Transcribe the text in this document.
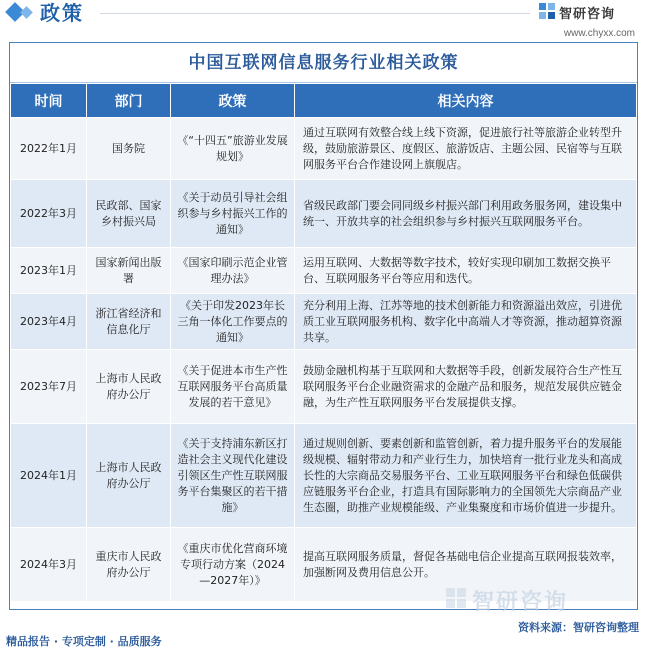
政策	智研咨询
www.chyxx.com
中国互联网信息服务行业相关政策
时间	部门	政策	相关内容
2022年1月	国务院	《“十四五”旅游业发展规划》	通过互联网有效整合线上线下资源，促进旅行社等旅游企业转型升级，鼓励旅游景区、度假区、旅游饭店、主题公园、民宿等与互联网服务平台合作建设网上旗舰店。
2022年3月	民政部、国家乡村振兴局	《关于动员引导社会组织参与乡村振兴工作的通知》	省级民政部门要会同同级乡村振兴部门利用政务服务网，建设集中统一、开放共享的社会组织参与乡村振兴互联网服务平台。
2023年1月	国家新闻出版署	《国家印刷示范企业管理办法》	运用互联网、大数据等数字技术，较好实现印刷加工数据交换平台、互联网服务平台等应用和迭代。
2023年4月	浙江省经济和信息化厅	《关于印发2023年长三角一体化工作要点的通知》	充分利用上海、江苏等地的技术创新能力和资源溢出效应，引进优质工业互联网服务机构、数字化中高端人才等资源，推动超算资源共享。
2023年7月	上海市人民政府办公厅	《关于促进本市生产性互联网服务平台高质量发展的若干意见》	鼓励金融机构基于互联网和大数据等手段，创新发展符合生产性互联网服务平台企业融资需求的金融产品和服务，规范发展供应链金融，为生产性互联网服务平台发展提供支撑。
2024年1月	上海市人民政府办公厅	《关于支持浦东新区打造社会主义现代化建设引领区生产性互联网服务平台集聚区的若干措施》	通过规则创新、要素创新和监管创新，着力提升服务平台的发展能级规模、辐射带动力和产业行生力，加快培育一批行业龙头和高成长性的大宗商品交易服务平台、工业互联网服务平台和绿色低碳供应链服务平台企业，打造具有国际影响力的全国领先大宗商品产业生态圈，助推产业规模能级、产业集聚度和市场价值进一步提升。
2024年3月	重庆市人民政府办公厅	《重庆市优化营商环境专项行动方案（2024—2027年）》	提高互联网服务质量，督促各基础电信企业提高互联网报装效率，加强断网及费用信息公开。
智研咨询
资料来源：智研咨询整理
精品报告 · 专项定制 · 品质服务
